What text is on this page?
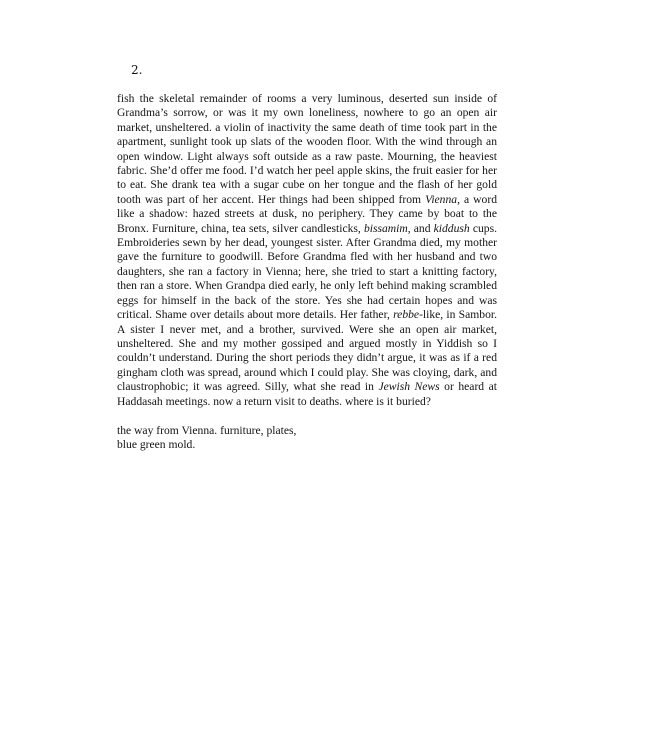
2.

fish the skeletal remainder of rooms a very luminous, deserted sun inside of Grandma’s sorrow, or was it my own loneliness, nowhere to go an open air market, unsheltered. a violin of inactivity the same death of time took part in the apartment, sunlight took up slats of the wooden floor. With the wind through an open window. Light always soft outside as a raw paste. Mourning, the heaviest fabric. She’d offer me food. I’d watch her peel apple skins, the fruit easier for her to eat. She drank tea with a sugar cube on her tongue and the flash of her gold tooth was part of her accent. Her things had been shipped from Vienna, a word like a shadow: hazed streets at dusk, no periphery. They came by boat to the Bronx. Furniture, china, tea sets, silver candlesticks, bissamim, and kiddush cups. Embroideries sewn by her dead, youngest sister. After Grandma died, my mother gave the furniture to goodwill. Before Grandma fled with her husband and two daughters, she ran a factory in Vienna; here, she tried to start a knitting factory, then ran a store. When Grandpa died early, he only left behind making scrambled eggs for himself in the back of the store. Yes she had certain hopes and was critical. Shame over details about more details. Her father, rebbe-like, in Sambor. A sister I never met, and a brother, survived. Were she an open air market, unsheltered. She and my mother gossiped and argued mostly in Yiddish so I couldn’t understand. During the short periods they didn’t argue, it was as if a red gingham cloth was spread, around which I could play. She was cloying, dark, and claustrophobic; it was agreed. Silly, what she read in Jewish News or heard at Haddasah meetings. now a return visit to deaths. where is it buried?

the way from Vienna. furniture, plates,
blue green mold.
